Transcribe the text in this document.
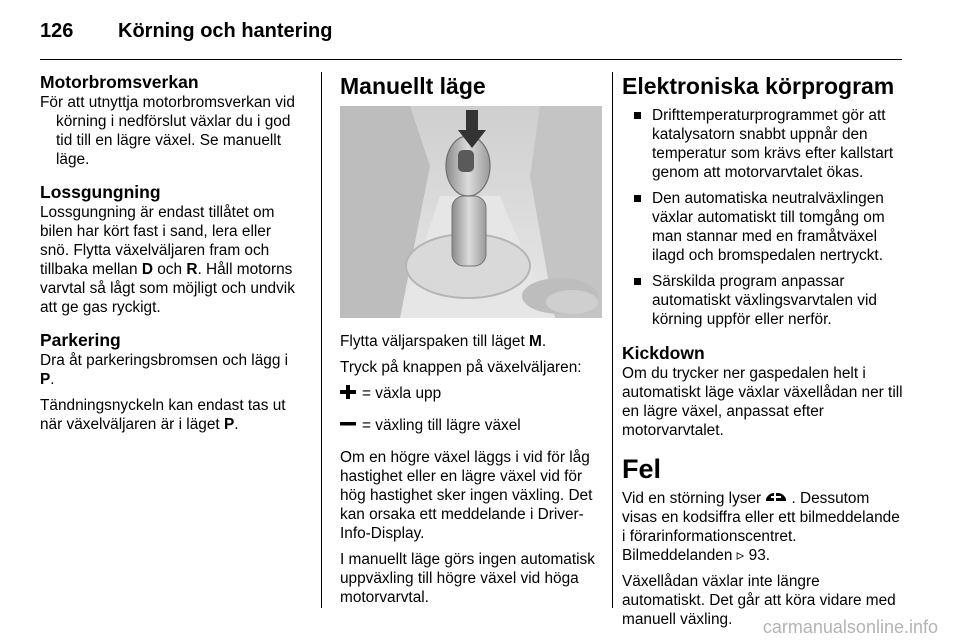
126 Körning och hantering
Motorbromsverkan

För att utnyttja motorbromsverkan vid körning i nedförslut växlar du i god tid till en lägre växel. Se manuellt läge.

Lossgungning

Lossgungning är endast tillåtet om bilen har kört fast i sand, lera eller snö. Flytta växelväljaren fram och tillbaka mellan D och R. Håll motorns varvtal så lågt som möjligt och undvik att ge gas ryckigt.

Parkering

Dra åt parkeringsbromsen och lägg i P.

Tändningsnyckeln kan endast tas ut när växelväljaren är i läget P.

Manuellt läge

Flytta väljarspaken till läget M.

Tryck på knappen på växelväljaren:

= växla upp

= växling till lägre växel

Om en högre växel läggs i vid för låg hastighet eller en lägre växel vid för hög hastighet sker ingen växling. Det kan orsaka ett meddelande i Driver-Info-Display.

I manuellt läge görs ingen automatisk uppväxling till högre växel vid höga motorvarvtal.

Elektroniska körprogram
Drifttemperaturprogrammet gör att katalysatorn snabbt uppnår den temperatur som krävs efter kallstart genom att motorvarvtalet ökas.
Den automatiska neutralväxlingen växlar automatiskt till tomgång om man stannar med en framåtväxel ilagd och bromspedalen nertryckt.
Särskilda program anpassar automatiskt växlingsvarvtalen vid körning uppför eller nerför.
Kickdown

Om du trycker ner gaspedalen helt i automatiskt läge växlar växellådan ner till en lägre växel, anpassat efter motorvarvtalet.

Fel

Vid en störning lyser . Dessutom visas en kodsiffra eller ett bilmeddelande i förarinformationscentret. Bilmeddelanden ▹ 93.

Växellådan växlar inte längre automatiskt. Det går att köra vidare med manuell växling.	carmanualsonline.info
